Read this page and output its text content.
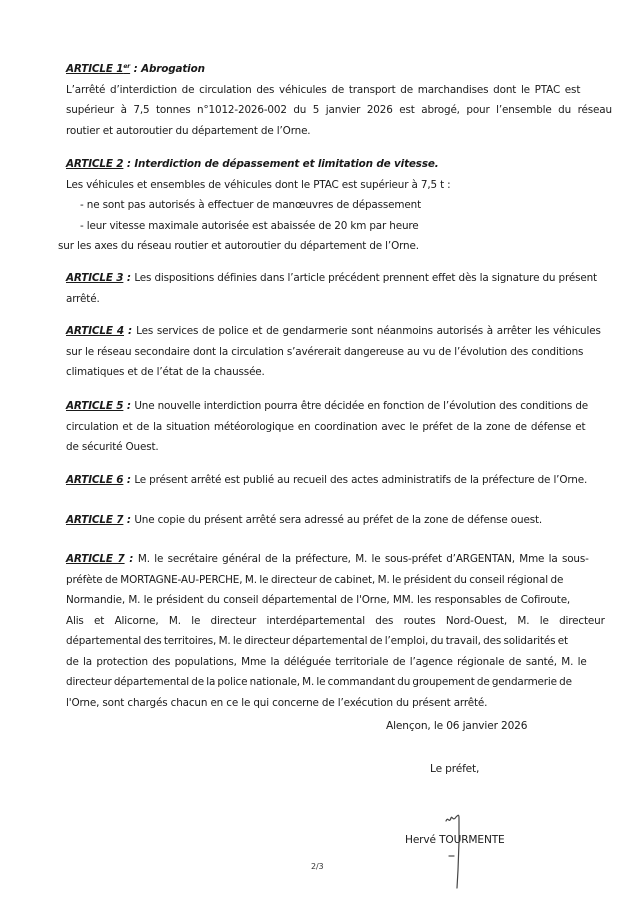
ARTICLE 1er : Abrogation
L’arrêté d’interdiction de circulation des véhicules de transport de marchandises dont le PTAC est
supérieur à 7,5 tonnes n°1012-2026-002 du 5 janvier 2026 est abrogé, pour l’ensemble du réseau
routier et autoroutier du département de l’Orne.
ARTICLE 2 : Interdiction de dépassement et limitation de vitesse.
Les véhicules et ensembles de véhicules dont le PTAC est supérieur à 7,5 t :
- ne sont pas autorisés à effectuer de manœuvres de dépassement
- leur vitesse maximale autorisée est abaissée de 20 km par heure
sur les axes du réseau routier et autoroutier du département de l’Orne.
ARTICLE 3 : Les dispositions définies dans l’article précédent prennent effet dès la signature du présent
arrêté.
ARTICLE 4 : Les services de police et de gendarmerie sont néanmoins autorisés à arrêter les véhicules
sur le réseau secondaire dont la circulation s’avérerait dangereuse au vu de l’évolution des conditions
climatiques et de l’état de la chaussée.
ARTICLE 5 : Une nouvelle interdiction pourra être décidée en fonction de l’évolution des conditions de
circulation et de la situation météorologique en coordination avec le préfet de la zone de défense et
de sécurité Ouest.
ARTICLE 6 : Le présent arrêté est publié au recueil des actes administratifs de la préfecture de l’Orne.
ARTICLE 7 : Une copie du présent arrêté sera adressé au préfet de la zone de défense ouest.
ARTICLE 7 : M. le secrétaire général de la préfecture, M. le sous-préfet d’ARGENTAN, Mme la sous-
préfète de MORTAGNE-AU-PERCHE, M. le directeur de cabinet, M. le président du conseil régional de
Normandie, M. le président du conseil départemental de l'Orne, MM. les responsables de Cofiroute,
Alis et Alicorne, M. le directeur interdépartemental des routes Nord-Ouest, M. le directeur
départemental des territoires, M. le directeur départemental de l’emploi, du travail, des solidarités et
de la protection des populations, Mme la déléguée territoriale de l’agence régionale de santé, M. le
directeur départemental de la police nationale, M. le commandant du groupement de gendarmerie de
l'Orne, sont chargés chacun en ce le qui concerne de l’exécution du présent arrêté.
Alençon, le 06 janvier 2026
Le préfet,
Hervé TOURMENTE
2/3
